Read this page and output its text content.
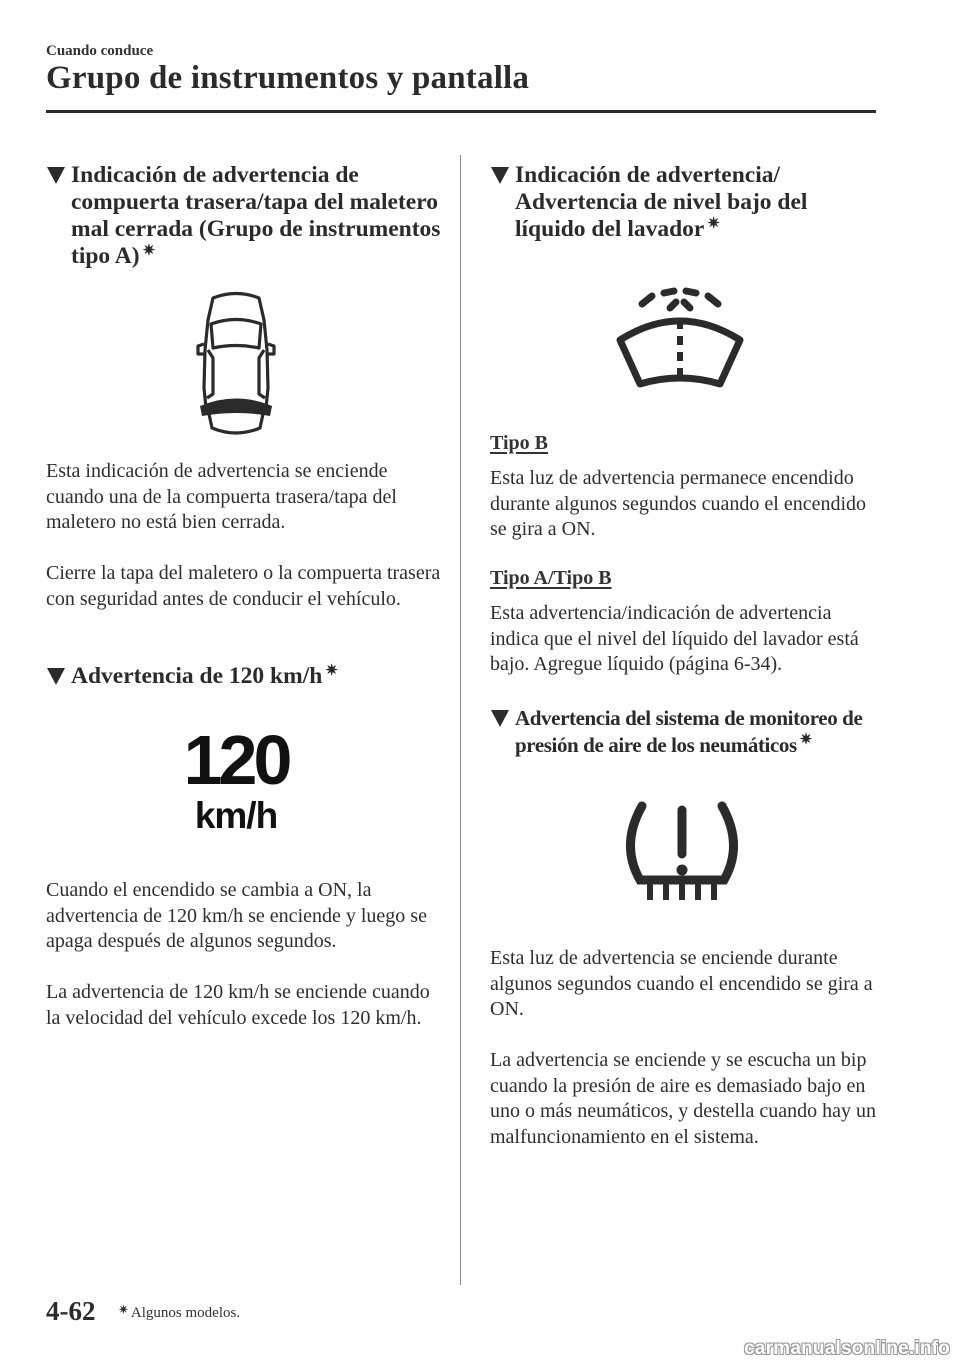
Cuando conduce
Grupo de instrumentos y pantalla
Indicación de advertencia de compuerta trasera/tapa del maletero mal cerrada (Grupo de instrumentos tipo A) ✷
Esta indicación de advertencia se enciende cuando una de la compuerta trasera/tapa del maletero no está bien cerrada.
Cierre la tapa del maletero o la compuerta trasera con seguridad antes de conducir el vehículo.
Advertencia de 120 km/h ✷
120
km/h
Cuando el encendido se cambia a ON, la advertencia de 120 km/h se enciende y luego se apaga después de algunos segundos.
La advertencia de 120 km/h se enciende cuando la velocidad del vehículo excede los 120 km/h.
Indicación de advertencia/ Advertencia de nivel bajo del líquido del lavador ✷
Tipo B
Esta luz de advertencia permanece encendido durante algunos segundos cuando el encendido se gira a ON.
Tipo A/Tipo B
Esta advertencia/indicación de advertencia indica que el nivel del líquido del lavador está bajo. Agregue líquido (página 6-34).
Advertencia del sistema de monitoreo de presión de aire de los neumáticos ✷
Esta luz de advertencia se enciende durante algunos segundos cuando el encendido se gira a ON.
La advertencia se enciende y se escucha un bip cuando la presión de aire es demasiado bajo en uno o más neumáticos, y destella cuando hay un malfuncionamiento en el sistema.
4-62 ✷ Algunos modelos.
carmanualsonline.info
